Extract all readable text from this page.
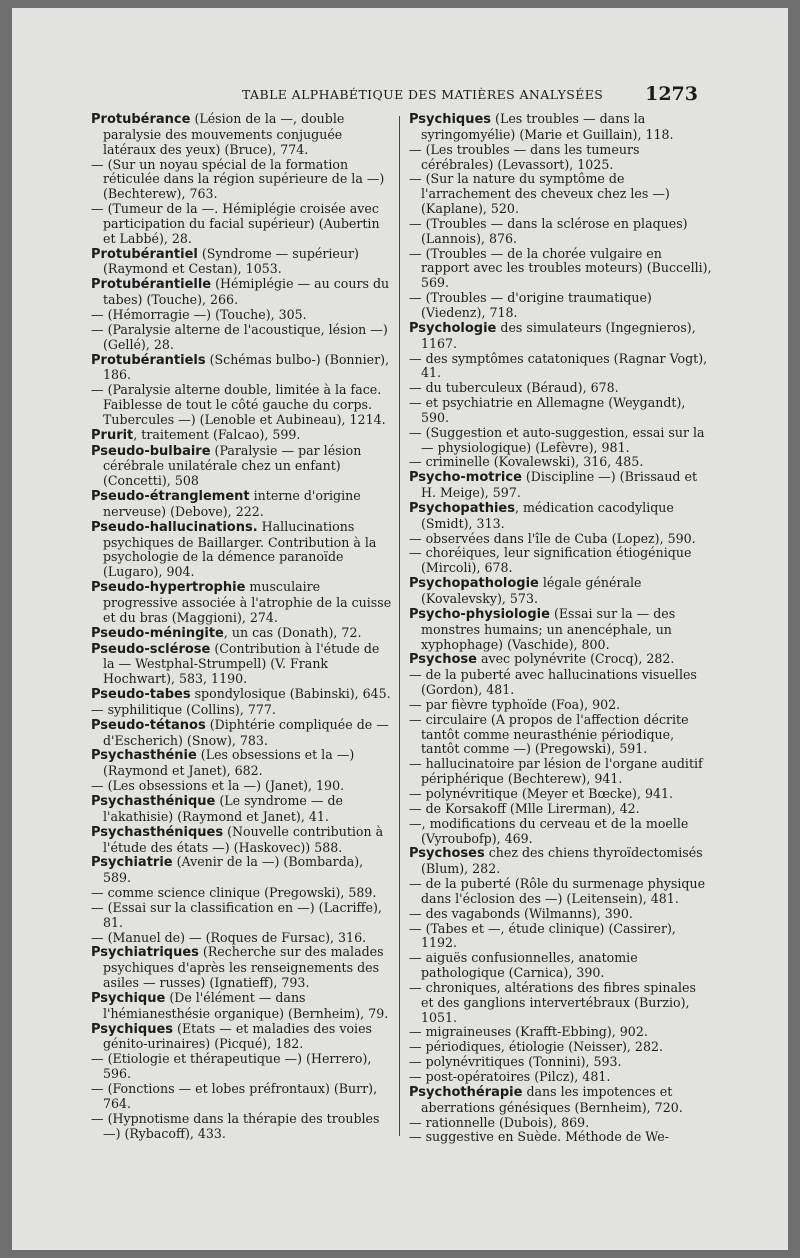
TABLE ALPHABÉTIQUE DES MATIÈRES ANALYSÉES 1273

Protubérance (Lésion de la —, double paralysie des mouvements conjuguée latéraux des yeux) (Bruce), 774.

— (Sur un noyau spécial de la formation réticulée dans la région supérieure de la —) (Bechterew), 763.

— (Tumeur de la —. Hémiplégie croisée avec participation du facial supérieur) (Aubertin et Labbé), 28.

Protubérantiel (Syndrome — supérieur) (Raymond et Cestan), 1053.

Protubérantielle (Hémiplégie — au cours du tabes) (Touche), 266.

— (Hémorragie —) (Touche), 305.

— (Paralysie alterne de l'acoustique, lésion —) (Gellé), 28.

Protubérantiels (Schémas bulbo-) (Bonnier), 186.

— (Paralysie alterne double, limitée à la face. Faiblesse de tout le côté gauche du corps. Tubercules —) (Lenoble et Aubineau), 1214.

Prurit, traitement (Falcao), 599.

Pseudo-bulbaire (Paralysie — par lésion cérébrale unilatérale chez un enfant) (Concetti), 508

Pseudo-étranglement interne d'origine nerveuse) (Debove), 222.

Pseudo-hallucinations. Hallucinations psychiques de Baillarger. Contribution à la psychologie de la démence paranoïde (Lugaro), 904.

Pseudo-hypertrophie musculaire progressive associée à l'atrophie de la cuisse et du bras (Maggioni), 274.

Pseudo-méningite, un cas (Donath), 72.

Pseudo-sclérose (Contribution à l'étude de la — Westphal-Strumpell) (V. Frank Hochwart), 583, 1190.

Pseudo-tabes spondylosique (Babinski), 645.

— syphilitique (Collins), 777.

Pseudo-tétanos (Diphtérie compliquée de — d'Escherich) (Snow), 783.

Psychasthénie (Les obsessions et la —) (Raymond et Janet), 682.

— (Les obsessions et la —) (Janet), 190.

Psychasthénique (Le syndrome — de l'akathisie) (Raymond et Janet), 41.

Psychasthéniques (Nouvelle contribution à l'étude des états —) (Haskovec)) 588.

Psychiatrie (Avenir de la —) (Bombarda), 589.

— comme science clinique (Pregowski), 589.

— (Essai sur la classification en —) (Lacriffe), 81.

— (Manuel de) — (Roques de Fursac), 316.

Psychiatriques (Recherche sur des malades psychiques d'après les renseignements des asiles — russes) (Ignatieff), 793.

Psychique (De l'élément — dans l'hémianesthésie organique) (Bernheim), 79.

Psychiques (Etats — et maladies des voies génito-urinaires) (Picqué), 182.

— (Etiologie et thérapeutique —) (Herrero), 596.

— (Fonctions — et lobes préfrontaux) (Burr), 764.

— (Hypnotisme dans la thérapie des troubles —) (Rybacoff), 433.

Psychiques (Les troubles — dans la syringomyélie) (Marie et Guillain), 118.

— (Les troubles — dans les tumeurs cérébrales) (Levassort), 1025.

— (Sur la nature du symptôme de l'arrachement des cheveux chez les —) (Kaplane), 520.

— (Troubles — dans la sclérose en plaques) (Lannois), 876.

— (Troubles — de la chorée vulgaire en rapport avec les troubles moteurs) (Buccelli), 569.

— (Troubles — d'origine traumatique) (Viedenz), 718.

Psychologie des simulateurs (Ingegnieros), 1167.

— des symptômes catatoniques (Ragnar Vogt), 41.

— du tuberculeux (Béraud), 678.

— et psychiatrie en Allemagne (Weygandt), 590.

— (Suggestion et auto-suggestion, essai sur la — physiologique) (Lefèvre), 981.

— criminelle (Kovalewski), 316, 485.

Psycho-motrice (Discipline —) (Brissaud et H. Meige), 597.

Psychopathies, médication cacodylique (Smidt), 313.

— observées dans l'île de Cuba (Lopez), 590.

— choréiques, leur signification étiogénique (Mircoli), 678.

Psychopathologie légale générale (Kovalevsky), 573.

Psycho-physiologie (Essai sur la — des monstres humains; un anencéphale, un xyphophage) (Vaschide), 800.

Psychose avec polynévrite (Crocq), 282.

— de la puberté avec hallucinations visuelles (Gordon), 481.

— par fièvre typhoïde (Foa), 902.

— circulaire (A propos de l'affection décrite tantôt comme neurasthénie périodique, tantôt comme —) (Pregowski), 591.

— hallucinatoire par lésion de l'organe auditif périphérique (Bechterew), 941.

— polynévritique (Meyer et Bœcke), 941.

— de Korsakoff (Mlle Lirerman), 42.

—, modifications du cerveau et de la moelle (Vyroubofp), 469.

Psychoses chez des chiens thyroïdectomisés (Blum), 282.

— de la puberté (Rôle du surmenage physique dans l'éclosion des —) (Leitensein), 481.

— des vagabonds (Wilmanns), 390.

— (Tabes et —, étude clinique) (Cassirer), 1192.

— aiguës confusionnelles, anatomie pathologique (Carnica), 390.

— chroniques, altérations des fibres spinales et des ganglions intervertébraux (Burzio), 1051.

— migraineuses (Krafft-Ebbing), 902.

— périodiques, étiologie (Neisser), 282.

— polynévritiques (Tonnini), 593.

— post-opératoires (Pilcz), 481.

Psychothérapie dans les impotences et aberrations génésiques (Bernheim), 720.

— rationnelle (Dubois), 869.

— suggestive en Suède. Méthode de We-
